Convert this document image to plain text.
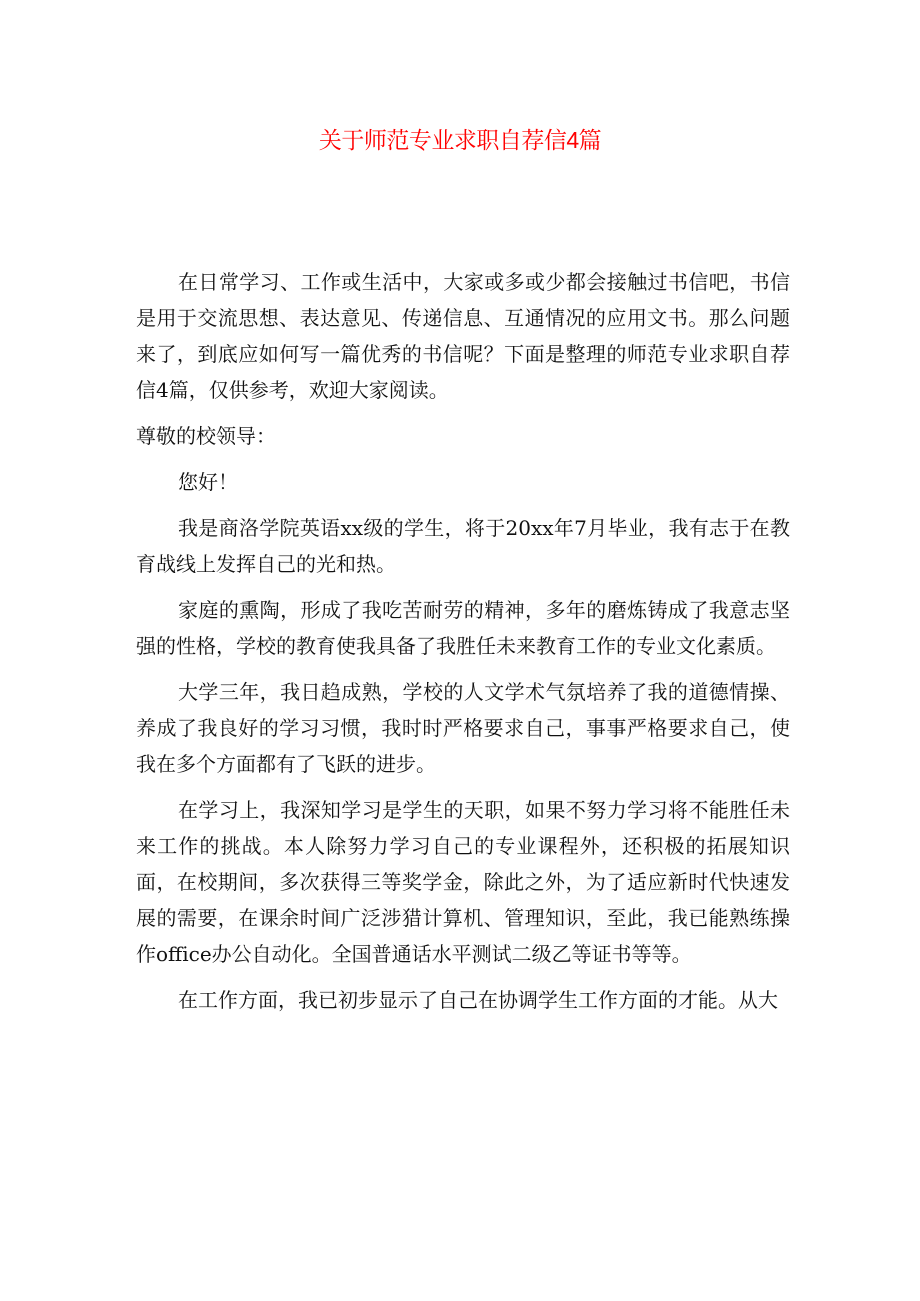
关于师范专业求职自荐信4篇

在日常学习、工作或生活中，大家或多或少都会接触过书信吧，书信是用于交流思想、表达意见、传递信息、互通情况的应用文书。那么问题来了，到底应如何写一篇优秀的书信呢？下面是整理的师范专业求职自荐信4篇，仅供参考，欢迎大家阅读。

尊敬的校领导：

您好！

我是商洛学院英语xx级的学生，将于20xx年7月毕业，我有志于在教育战线上发挥自己的光和热。

家庭的熏陶，形成了我吃苦耐劳的精神，多年的磨炼铸成了我意志坚强的性格，学校的教育使我具备了我胜任未来教育工作的专业文化素质。

大学三年，我日趋成熟，学校的人文学术气氛培养了我的道德情操、养成了我良好的学习习惯，我时时严格要求自己，事事严格要求自己，使我在多个方面都有了飞跃的进步。

在学习上，我深知学习是学生的天职，如果不努力学习将不能胜任未来工作的挑战。本人除努力学习自己的专业课程外，还积极的拓展知识面，在校期间，多次获得三等奖学金，除此之外，为了适应新时代快速发展的需要，在课余时间广泛涉猎计算机、管理知识，至此，我已能熟练操作office办公自动化。全国普通话水平测试二级乙等证书等等。

在工作方面，我已初步显示了自己在协调学生工作方面的才能。从大
